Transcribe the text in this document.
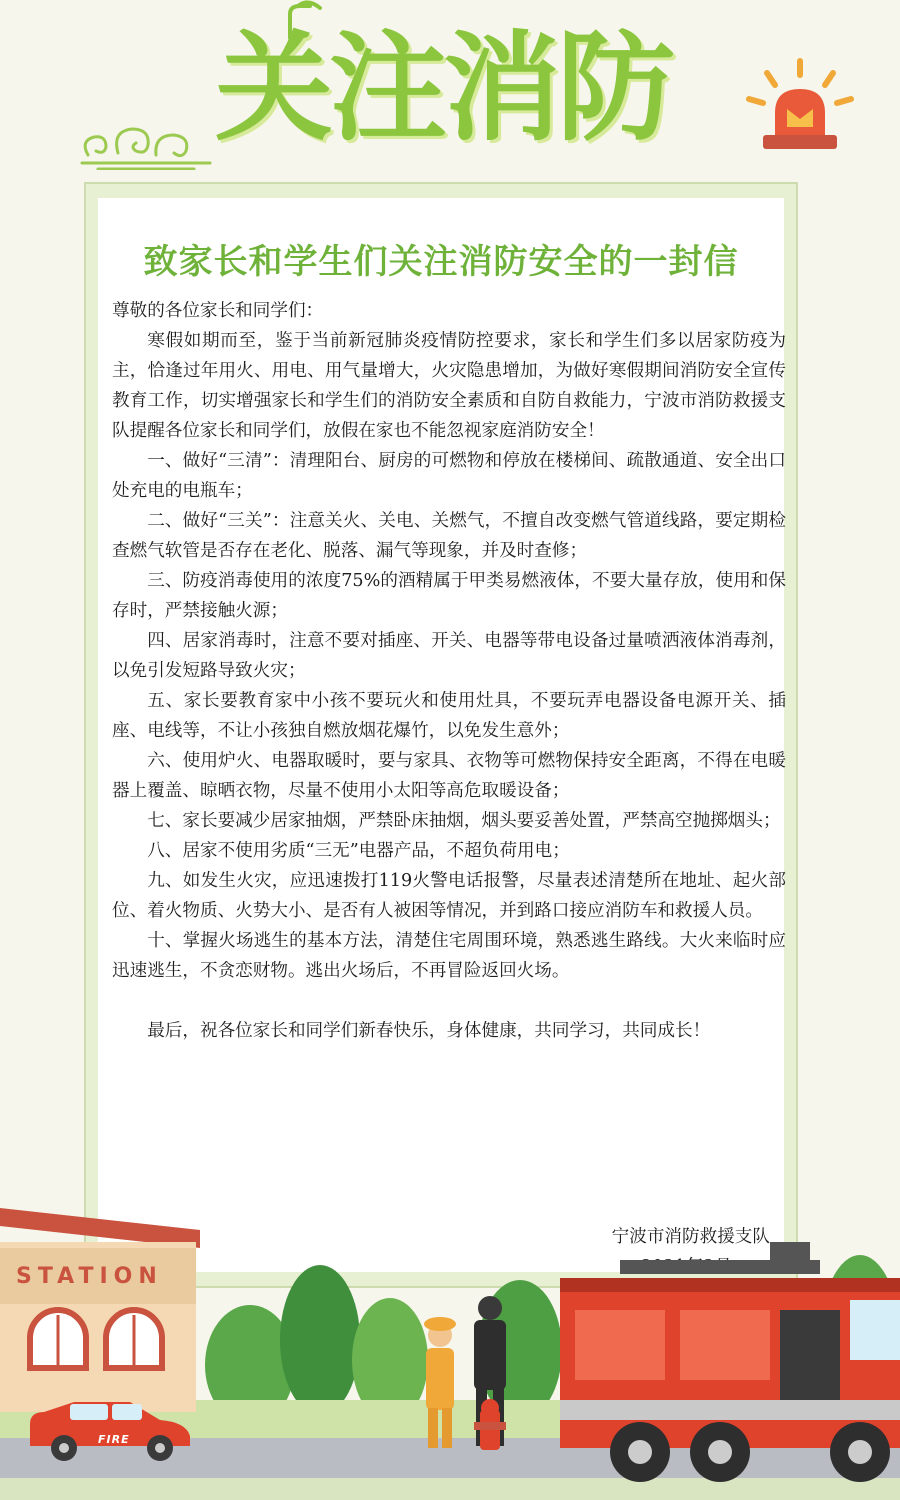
关注消防
致家长和学生们关注消防安全的一封信

尊敬的各位家长和同学们：

寒假如期而至，鉴于当前新冠肺炎疫情防控要求，家长和学生们多以居家防疫为主，恰逢过年用火、用电、用气量增大，火灾隐患增加，为做好寒假期间消防安全宣传教育工作，切实增强家长和学生们的消防安全素质和自防自救能力，宁波市消防救援支队提醒各位家长和同学们，放假在家也不能忽视家庭消防安全！

一、做好“三清”：清理阳台、厨房的可燃物和停放在楼梯间、疏散通道、安全出口处充电的电瓶车；

二、做好“三关”：注意关火、关电、关燃气，不擅自改变燃气管道线路，要定期检查燃气软管是否存在老化、脱落、漏气等现象，并及时查修；

三、防疫消毒使用的浓度75%的酒精属于甲类易燃液体，不要大量存放，使用和保存时，严禁接触火源；

四、居家消毒时，注意不要对插座、开关、电器等带电设备过量喷洒液体消毒剂，以免引发短路导致火灾；

五、家长要教育家中小孩不要玩火和使用灶具，不要玩弄电器设备电源开关、插座、电线等，不让小孩独自燃放烟花爆竹，以免发生意外；

六、使用炉火、电器取暖时，要与家具、衣物等可燃物保持安全距离，不得在电暖器上覆盖、晾晒衣物，尽量不使用小太阳等高危取暖设备；

七、家长要减少居家抽烟，严禁卧床抽烟，烟头要妥善处置，严禁高空抛掷烟头；

八、居家不使用劣质“三无”电器产品，不超负荷用电；

九、如发生火灾，应迅速拨打119火警电话报警，尽量表述清楚所在地址、起火部位、着火物质、火势大小、是否有人被困等情况，并到路口接应消防车和救援人员。

十、掌握火场逃生的基本方法，清楚住宅周围环境，熟悉逃生路线。大火来临时应迅速逃生，不贪恋财物。逃出火场后，不再冒险返回火场。

最后，祝各位家长和同学们新春快乐，身体健康，共同学习，共同成长！

宁波市消防救援支队
STATION
FIRE
